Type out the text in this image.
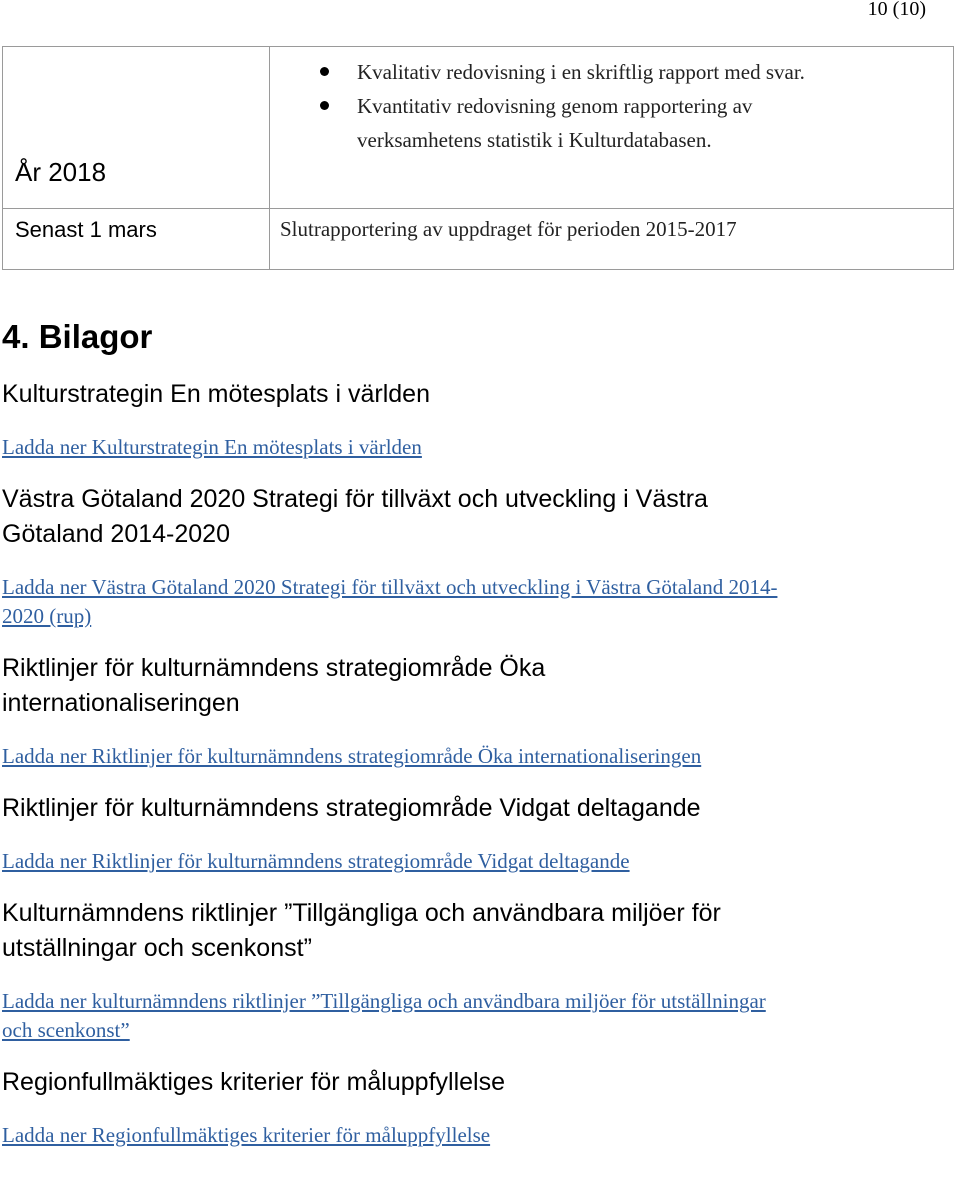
10 (10)
År 2018
Kvalitativ redovisning i en skriftlig rapport med svar.
Kvantitativ redovisning genom rapportering av verksamhetens statistik i Kulturdatabasen.
Senast 1 mars	Slutrapportering av uppdraget för perioden 2015-2017
4. Bilagor
Kulturstrategin En mötesplats i världen
Ladda ner Kulturstrategin En mötesplats i världen
Västra Götaland 2020 Strategi för tillväxt och utveckling i Västra Götaland 2014-2020
Ladda ner Västra Götaland 2020 Strategi för tillväxt och utveckling i Västra Götaland 2014-2020 (rup)
Riktlinjer för kulturnämndens strategiområde Öka internationaliseringen
Ladda ner Riktlinjer för kulturnämndens strategiområde Öka internationaliseringen
Riktlinjer för kulturnämndens strategiområde Vidgat deltagande
Ladda ner Riktlinjer för kulturnämndens strategiområde Vidgat deltagande
Kulturnämndens riktlinjer ”Tillgängliga och användbara miljöer för utställningar och scenkonst”
Ladda ner kulturnämndens riktlinjer ”Tillgängliga och användbara miljöer för utställningar och scenkonst”
Regionfullmäktiges kriterier för måluppfyllelse
Ladda ner Regionfullmäktiges kriterier för måluppfyllelse
